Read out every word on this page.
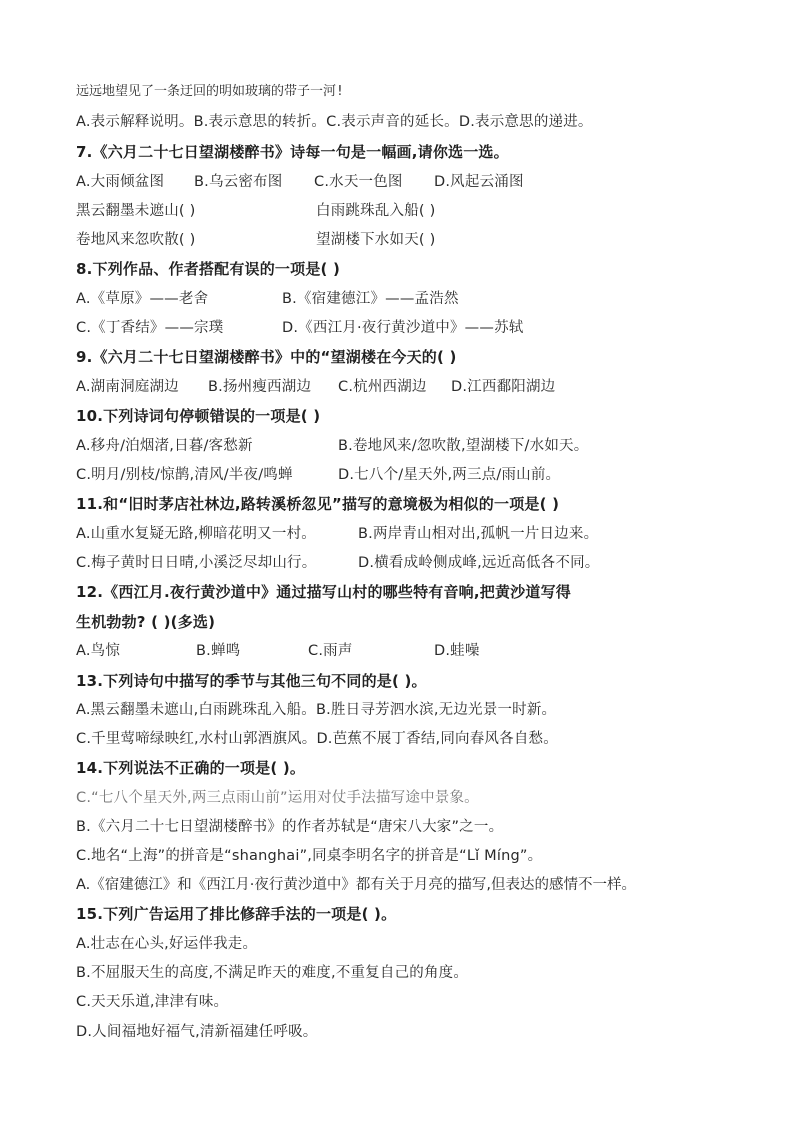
远远地望见了一条迂回的明如玻璃的带子一河!
A.表示解释说明。B.表示意思的转折。C.表示声音的延长。D.表示意思的递进。
7.《六月二十七日望湖楼醉书》诗每一句是一幅画,请你选一选。
A.大雨倾盆图 B.乌云密布图 C.水天一色图 D.风起云涌图
黑云翻墨未遮山( )	白雨跳珠乱入船( )
卷地风来忽吹散( )	望湖楼下水如天( )
8.下列作品、作者搭配有误的一项是( )
A.《草原》——老舍	B.《宿建德江》——孟浩然
C.《丁香结》——宗璞	D.《西江月·夜行黄沙道中》——苏轼
9.《六月二十七日望湖楼醉书》中的“望湖楼在今天的( )
A.湖南洞庭湖边 B.扬州瘦西湖边 C.杭州西湖边 D.江西鄱阳湖边
10.下列诗词句停顿错误的一项是( )
A.移舟/泊烟渚,日暮/客愁新	B.卷地风来/忽吹散,望湖楼下/水如天。
C.明月/别枝/惊鹊,清风/半夜/鸣蝉	D.七八个/星天外,两三点/雨山前。
11.和“旧时茅店社林边,路转溪桥忽见”描写的意境极为相似的一项是( )
A.山重水复疑无路,柳暗花明又一村。	B.两岸青山相对出,孤帆一片日边来。
C.梅子黄时日日晴,小溪泛尽却山行。	D.横看成岭侧成峰,远近高低各不同。
12.《西江月.夜行黄沙道中》通过描写山村的哪些特有音响,把黄沙道写得
生机勃勃? ( )(多选)
A.鸟惊	B.蝉鸣	C.雨声	D.蛙噪
13.下列诗句中描写的季节与其他三句不同的是( )。
A.黑云翻墨未遮山,白雨跳珠乱入船。B.胜日寻芳泗水滨,无边光景一时新。
C.千里莺啼绿映红,水村山郭酒旗风。D.芭蕉不展丁香结,同向春风各自愁。
14.下列说法不正确的一项是( )。
C.“七八个星天外,两三点雨山前”运用对仗手法描写途中景象。
B.《六月二十七日望湖楼醉书》的作者苏轼是“唐宋八大家”之一。
C.地名“上海”的拼音是“shanghai”,同桌李明名字的拼音是“Lǐ Míng”。
A.《宿建德江》和《西江月·夜行黄沙道中》都有关于月亮的描写,但表达的感情不一样。
15.下列广告运用了排比修辞手法的一项是( )。
A.壮志在心头,好运伴我走。
B.不屈服天生的高度,不满足昨天的难度,不重复自己的角度。
C.天天乐道,津津有味。
D.人间福地好福气,清新福建任呼吸。
